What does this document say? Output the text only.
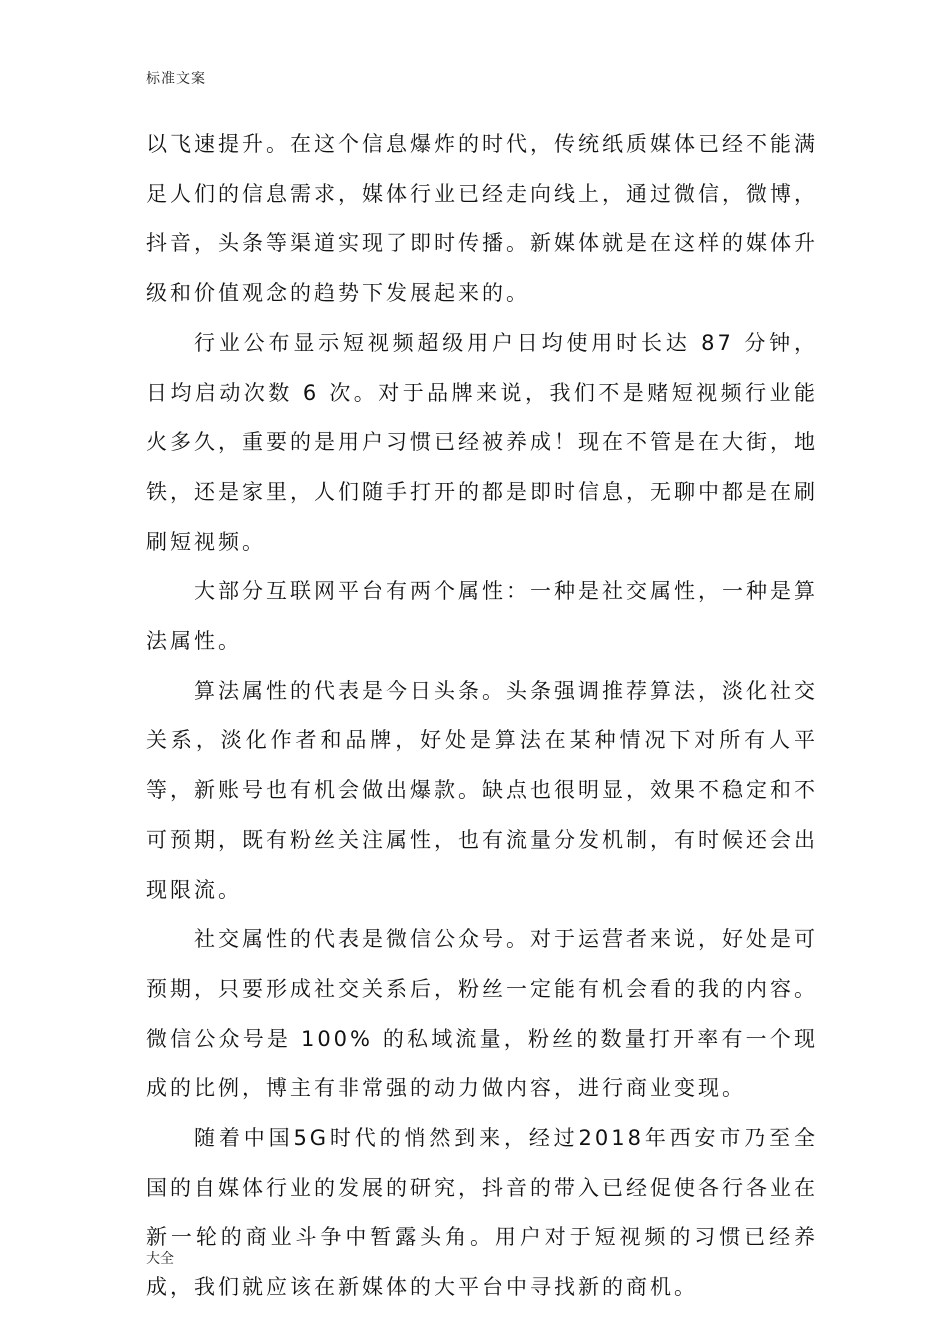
标准文案

以飞速提升。在这个信息爆炸的时代，传统纸质媒体已经不能满足人们的信息需求，媒体行业已经走向线上，通过微信，微博，抖音，头条等渠道实现了即时传播。新媒体就是在这样的媒体升级和价值观念的趋势下发展起来的。

行业公布显示短视频超级用户日均使用时长达 87 分钟，日均启动次数 6 次。对于品牌来说，我们不是赌短视频行业能火多久，重要的是用户习惯已经被养成！现在不管是在大街，地铁，还是家里，人们随手打开的都是即时信息，无聊中都是在刷刷短视频。

大部分互联网平台有两个属性：一种是社交属性，一种是算法属性。

算法属性的代表是今日头条。头条强调推荐算法，淡化社交关系，淡化作者和品牌，好处是算法在某种情况下对所有人平等，新账号也有机会做出爆款。缺点也很明显，效果不稳定和不可预期，既有粉丝关注属性，也有流量分发机制，有时候还会出现限流。

社交属性的代表是微信公众号。对于运营者来说，好处是可预期，只要形成社交关系后，粉丝一定能有机会看的我的内容。微信公众号是 100% 的私域流量，粉丝的数量打开率有一个现成的比例，博主有非常强的动力做内容，进行商业变现。

随着中国5G时代的悄然到来，经过2018年西安市乃至全国的自媒体行业的发展的研究，抖音的带入已经促使各行各业在新一轮的商业斗争中暂露头角。用户对于短视频的习惯已经养成，我们就应该在新媒体的大平台中寻找新的商机。

大全
